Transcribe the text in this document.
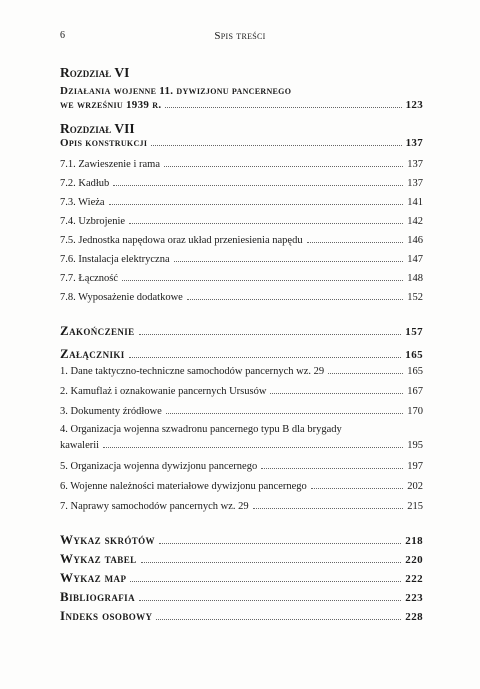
6	Spis treści
Rozdział VI
Działania wojenne 11. dywizjonu pancernego
we wrześniu 1939 r.	123
Rozdział VII
Opis konstrukcji	137
7.1. Zawieszenie i rama	137
7.2. Kadłub	137
7.3. Wieża	141
7.4. Uzbrojenie	142
7.5. Jednostka napędowa oraz układ przeniesienia napędu	146
7.6. Instalacja elektryczna	147
7.7. Łączność	148
7.8. Wyposażenie dodatkowe	152
Zakończenie	157
Załączniki	165
1. Dane taktyczno-techniczne samochodów pancernych wz. 29	165
2. Kamuflaż i oznakowanie pancernych Ursusów	167
3. Dokumenty źródłowe	170
4. Organizacja wojenna szwadronu pancernego typu B dla brygady
kawalerii	195
5. Organizacja wojenna dywizjonu pancernego	197
6. Wojenne należności materiałowe dywizjonu pancernego	202
7. Naprawy samochodów pancernych wz. 29	215
Wykaz skrótów	218
Wykaz tabel	220
Wykaz map	222
Bibliografia	223
Indeks osobowy	228
